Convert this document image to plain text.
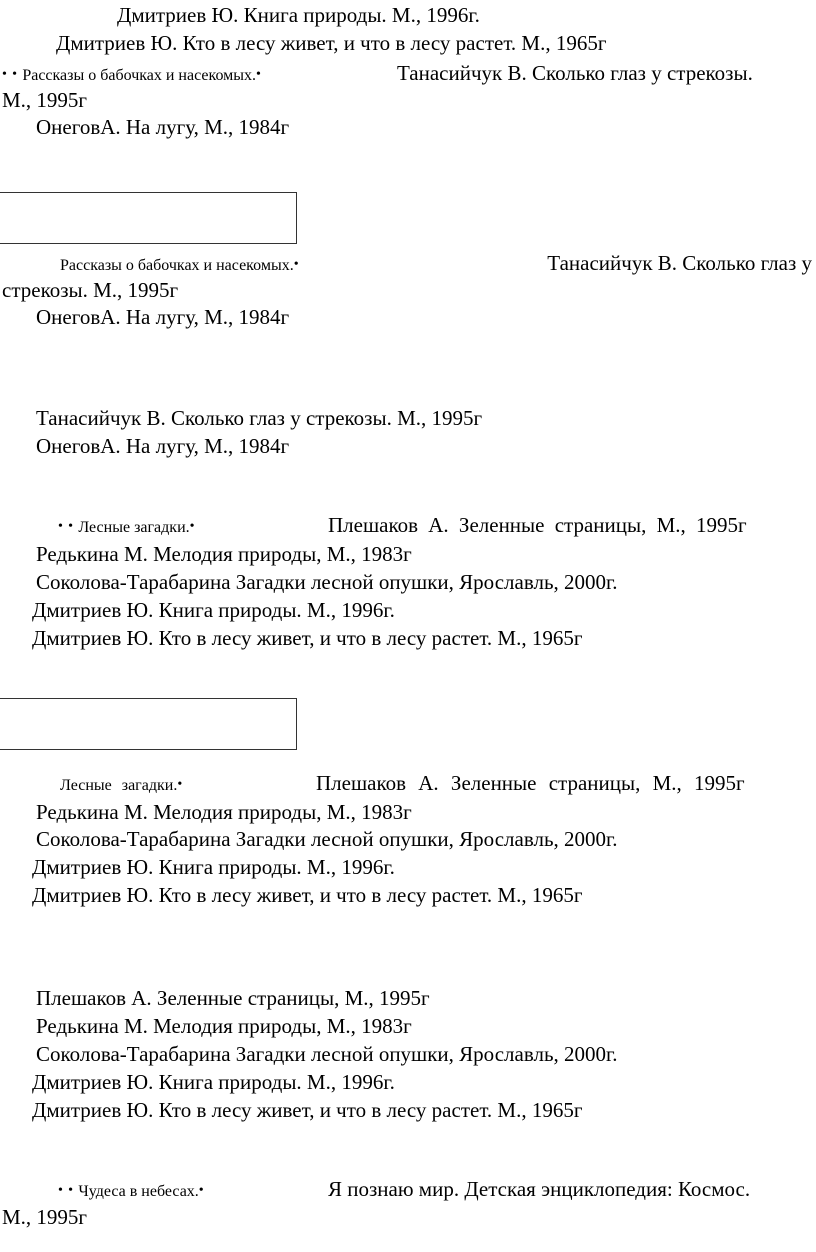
Дмитриев Ю. Книга природы. М., 1996г.
Дмитриев Ю. Кто в лесу живет, и что в лесу растет. М., 1965г
• • Рассказы о бабочках и насекомых.•	Танасийчук В. Сколько глаз у стрекозы.
М., 1995г
ОнеговА. На лугу, М., 1984г
Рассказы о бабочках и насекомых.•	Танасийчук В. Сколько глаз у
стрекозы. М., 1995г
ОнеговА. На лугу, М., 1984г
Танасийчук В. Сколько глаз у стрекозы. М., 1995г
ОнеговА. На лугу, М., 1984г
• • Лесные загадки.•	Плешаков А. Зеленные страницы, М., 1995г
Редькина М. Мелодия природы, М., 1983г
Соколова-Тарабарина Загадки лесной опушки, Ярославль, 2000г.
Дмитриев Ю. Книга природы. М., 1996г.
Дмитриев Ю. Кто в лесу живет, и что в лесу растет. М., 1965г
Лесные загадки.•	Плешаков А. Зеленные страницы, М., 1995г
Редькина М. Мелодия природы, М., 1983г
Соколова-Тарабарина Загадки лесной опушки, Ярославль, 2000г.
Дмитриев Ю. Книга природы. М., 1996г.
Дмитриев Ю. Кто в лесу живет, и что в лесу растет. М., 1965г
Плешаков А. Зеленные страницы, М., 1995г
Редькина М. Мелодия природы, М., 1983г
Соколова-Тарабарина Загадки лесной опушки, Ярославль, 2000г.
Дмитриев Ю. Книга природы. М., 1996г.
Дмитриев Ю. Кто в лесу живет, и что в лесу растет. М., 1965г
• • Чудеса в небесах.•	Я познаю мир. Детская энциклопедия: Космос.
М., 1995г
